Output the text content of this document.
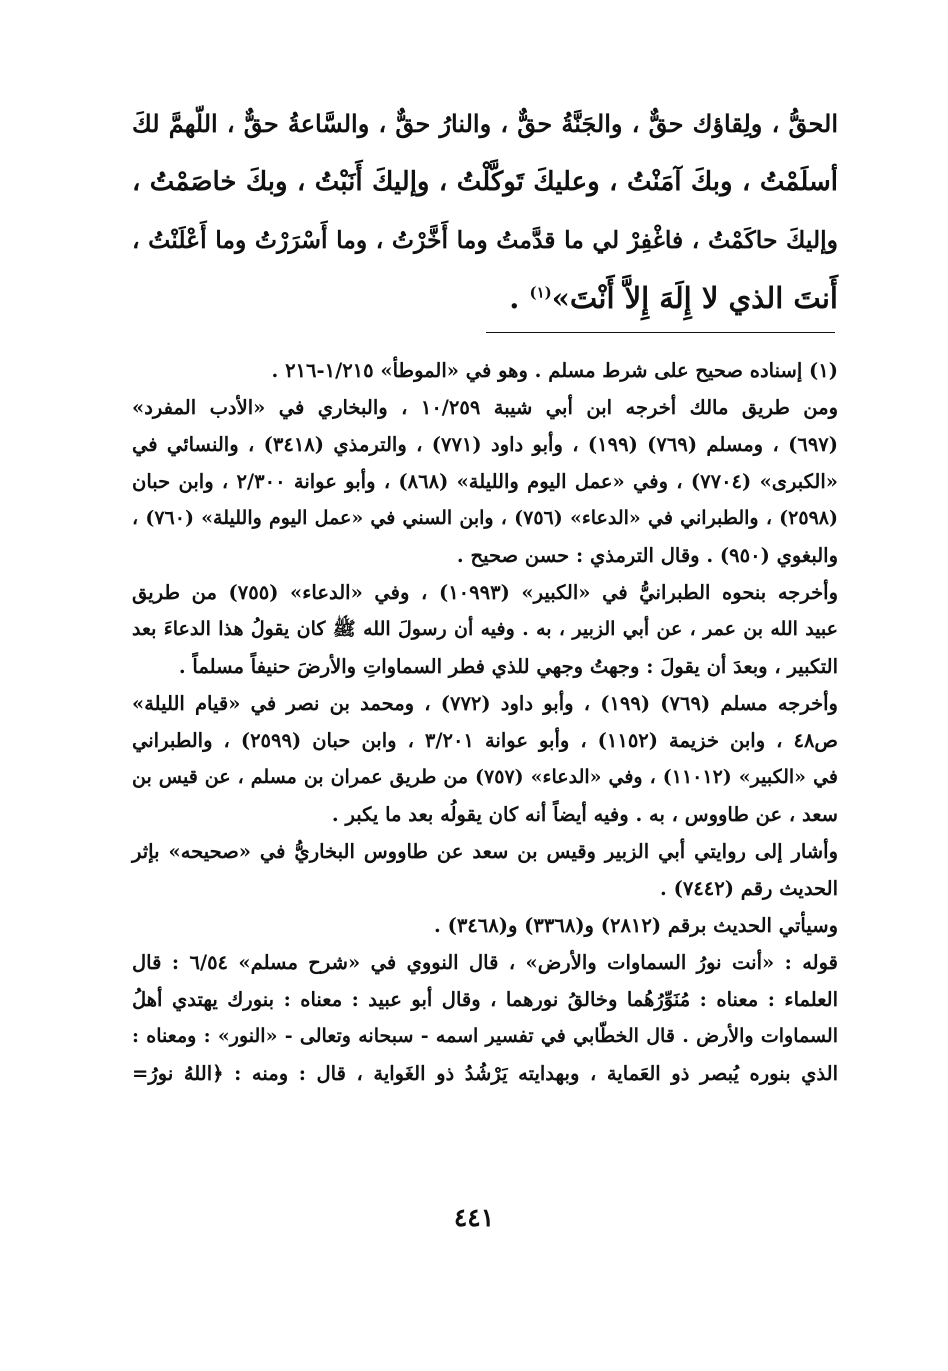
الحقُّ ، ولِقاؤك حقٌّ ، والجَنَّةُ حقٌّ ، والنارُ حقٌّ ، والسَّاعةُ حقٌّ ، اللّهمَّ لكَ
أسلَمْتُ ، وبكَ آمَنْتُ ، وعليكَ تَوكَّلْتُ ، وإليكَ أَنَبْتُ ، وبكَ خاصَمْتُ ،
وإليكَ حاكَمْتُ ، فاغْفِرْ لي ما قدَّمتُ وما أَخَّرْتُ ، وما أَسْرَرْتُ وما أَعْلَنْتُ ،
أَنتَ الذي لا إِلَهَ إِلاَّ أَنْتَ»$^{(١)}$ .
(١) إسناده صحيح على شرط مسلم . وهو في «الموطأ» ١/٢١٥-٢١٦ .
ومن طريق مالك أخرجه ابن أبي شيبة ١٠/٢٥٩ ، والبخاري في «الأدب المفرد»
(٦٩٧) ، ومسلم (٧٦٩) (١٩٩) ، وأبو داود (٧٧١) ، والترمذي (٣٤١٨) ، والنسائي في
«الكبرى» (٧٧٠٤) ، وفي «عمل اليوم والليلة» (٨٦٨) ، وأبو عوانة ٢/٣٠٠ ، وابن حبان
(٢٥٩٨) ، والطبراني في «الدعاء» (٧٥٦) ، وابن السني في «عمل اليوم والليلة» (٧٦٠) ،
والبغوي (٩٥٠) . وقال الترمذي : حسن صحيح .
وأخرجه بنحوه الطبرانيُّ في «الكبير» (١٠٩٩٣) ، وفي «الدعاء» (٧٥٥) من طريق
عبيد الله بن عمر ، عن أبي الزبير ، به . وفيه أن رسولَ الله ﷺ كان يقولُ هذا الدعاءَ بعد
التكبير ، وبعدَ أن يقولَ : وجهتُ وجهي للذي فطر السماواتِ والأرضَ حنيفاً مسلماً .
وأخرجه مسلم (٧٦٩) (١٩٩) ، وأبو داود (٧٧٢) ، ومحمد بن نصر في «قيام الليلة»
ص٤٨ ، وابن خزيمة (١١٥٢) ، وأبو عوانة ٣/٢٠١ ، وابن حبان (٢٥٩٩) ، والطبراني
في «الكبير» (١١٠١٢) ، وفي «الدعاء» (٧٥٧) من طريق عمران بن مسلم ، عن قيس بن
سعد ، عن طاووس ، به . وفيه أيضاً أنه كان يقولُه بعد ما يكبر .
وأشار إلى روايتي أبي الزبير وقيس بن سعد عن طاووس البخاريُّ في «صحيحه» بإثر
الحديث رقم (٧٤٤٢) .
وسيأتي الحديث برقم (٢٨١٢) و(٣٣٦٨) و(٣٤٦٨) .
قوله : «أنت نورُ السماوات والأرض» ، قال النووي في «شرح مسلم» ٦/٥٤ : قال
العلماء : معناه : مُنَوِّرُهُما وخالقُ نورهما ، وقال أبو عبيد : معناه : بنورك يهتدي أهلُ
السماوات والأرض . قال الخطّابي في تفسير اسمه - سبحانه وتعالى - «النور» : ومعناه :
الذي بنوره يُبصر ذو العَماية ، وبهدايته يَرْشُدُ ذو الغَواية ، قال : ومنه : ﴿اللهُ نورُ=
٤٤١
